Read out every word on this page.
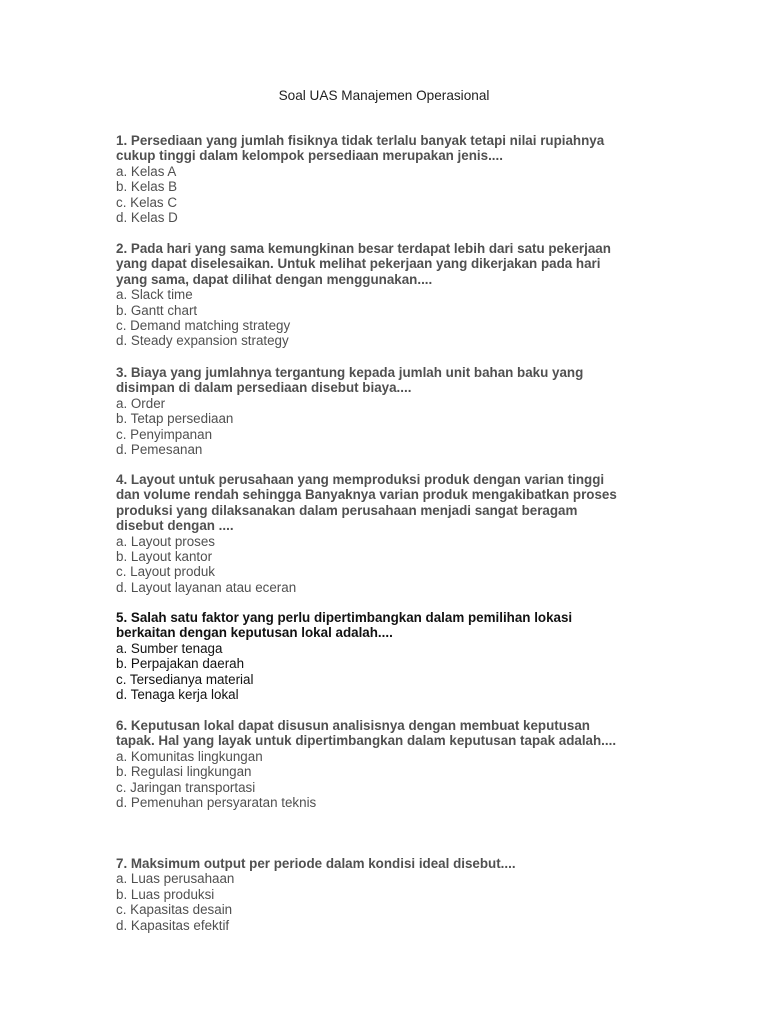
Soal UAS Manajemen Operasional
1. Persediaan yang jumlah fisiknya tidak terlalu banyak tetapi nilai rupiahnya
cukup tinggi dalam kelompok persediaan merupakan jenis....
a. Kelas A
b. Kelas B
c. Kelas C
d. Kelas D
2. Pada hari yang sama kemungkinan besar terdapat lebih dari satu pekerjaan
yang dapat diselesaikan. Untuk melihat pekerjaan yang dikerjakan pada hari
yang sama, dapat dilihat dengan menggunakan....
a. Slack time
b. Gantt chart
c. Demand matching strategy
d. Steady expansion strategy
3. Biaya yang jumlahnya tergantung kepada jumlah unit bahan baku yang
disimpan di dalam persediaan disebut biaya....
a. Order
b. Tetap persediaan
c. Penyimpanan
d. Pemesanan
4. Layout untuk perusahaan yang memproduksi produk dengan varian tinggi
dan volume rendah sehingga Banyaknya varian produk mengakibatkan proses
produksi yang dilaksanakan dalam perusahaan menjadi sangat beragam
disebut dengan ....
a. Layout proses
b. Layout kantor
c. Layout produk
d. Layout layanan atau eceran
5. Salah satu faktor yang perlu dipertimbangkan dalam pemilihan lokasi
berkaitan dengan keputusan lokal adalah....
a. Sumber tenaga
b. Perpajakan daerah
c. Tersedianya material
d. Tenaga kerja lokal
6. Keputusan lokal dapat disusun analisisnya dengan membuat keputusan
tapak. Hal yang layak untuk dipertimbangkan dalam keputusan tapak adalah....
a. Komunitas lingkungan
b. Regulasi lingkungan
c. Jaringan transportasi
d. Pemenuhan persyaratan teknis
7. Maksimum output per periode dalam kondisi ideal disebut....
a. Luas perusahaan
b. Luas produksi
c. Kapasitas desain
d. Kapasitas efektif
